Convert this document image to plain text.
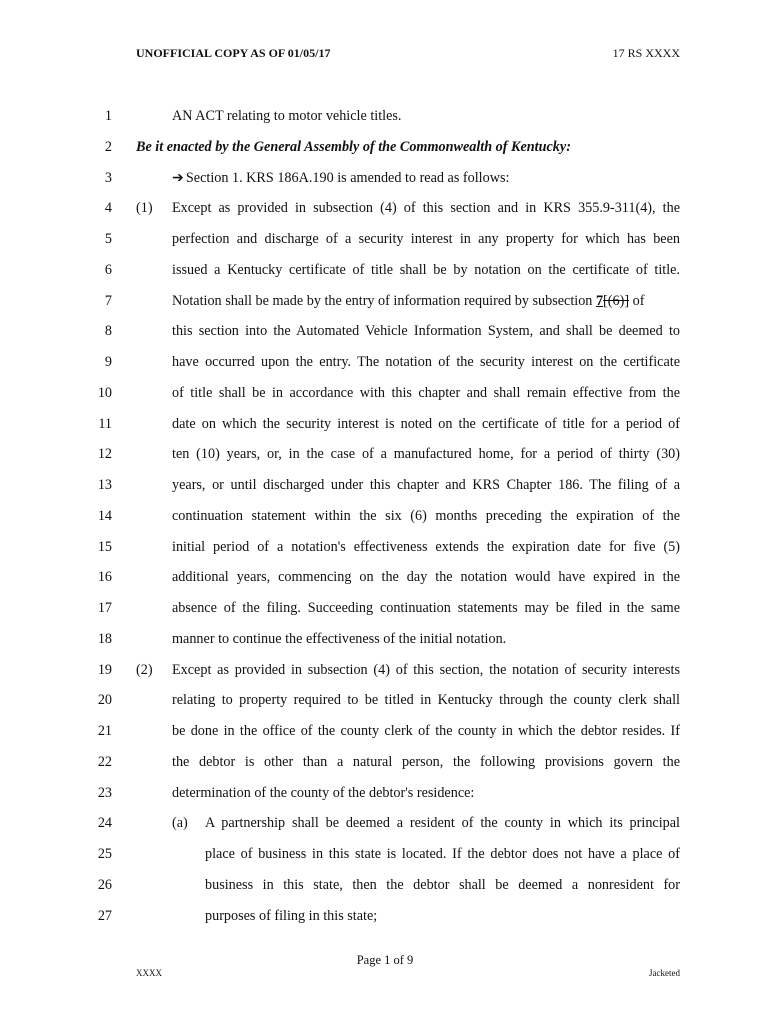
UNOFFICIAL COPY AS OF 01/05/17	17 RS XXXX
1	AN ACT relating to motor vehicle titles.
2 Be it enacted by the General Assembly of the Commonwealth of Kentucky:
3	➔ Section 1. KRS 186A.190 is amended to read as follows:
4 (1) Except as provided in subsection (4) of this section and in KRS 355.9-311(4), the
5	perfection and discharge of a security interest in any property for which has been
6	issued a Kentucky certificate of title shall be by notation on the certificate of title.
7	Notation shall be made by the entry of information required by subsection 7[(6)] of
8	this section into the Automated Vehicle Information System, and shall be deemed to
9	have occurred upon the entry. The notation of the security interest on the certificate
10	of title shall be in accordance with this chapter and shall remain effective from the
11	date on which the security interest is noted on the certificate of title for a period of
12	ten (10) years, or, in the case of a manufactured home, for a period of thirty (30)
13	years, or until discharged under this chapter and KRS Chapter 186. The filing of a
14	continuation statement within the six (6) months preceding the expiration of the
15	initial period of a notation's effectiveness extends the expiration date for five (5)
16	additional years, commencing on the day the notation would have expired in the
17	absence of the filing. Succeeding continuation statements may be filed in the same
18	manner to continue the effectiveness of the initial notation.
19 (2) Except as provided in subsection (4) of this section, the notation of security interests
20	relating to property required to be titled in Kentucky through the county clerk shall
21	be done in the office of the county clerk of the county in which the debtor resides. If
22	the debtor is other than a natural person, the following provisions govern the
23	determination of the county of the debtor's residence:
24	(a) A partnership shall be deemed a resident of the county in which its principal
25	place of business in this state is located. If the debtor does not have a place of
26	business in this state, then the debtor shall be deemed a nonresident for
27	purposes of filing in this state;
Page 1 of 9
XXXX	Jacketed
